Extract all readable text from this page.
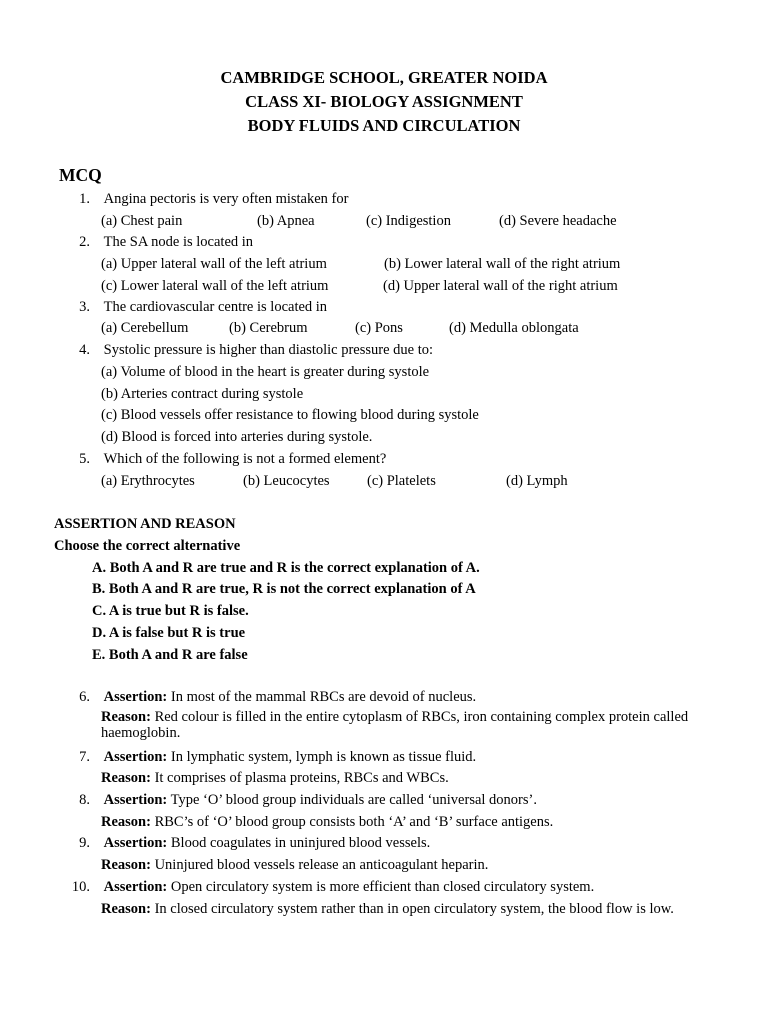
CAMBRIDGE SCHOOL, GREATER NOIDA
CLASS XI- BIOLOGY ASSIGNMENT
BODY FLUIDS AND CIRCULATION
MCQ
1. Angina pectoris is very often mistaken for
(a) Chest pain	(b) Apnea	(c) Indigestion	(d) Severe headache
2. The SA node is located in
(a) Upper lateral wall of the left atrium	(b) Lower lateral wall of the right atrium
(c) Lower lateral wall of the left atrium	(d) Upper lateral wall of the right atrium
3. The cardiovascular centre is located in
(a) Cerebellum	(b) Cerebrum	(c) Pons	(d) Medulla oblongata
4. Systolic pressure is higher than diastolic pressure due to:
(a) Volume of blood in the heart is greater during systole
(b) Arteries contract during systole
(c) Blood vessels offer resistance to flowing blood during systole
(d) Blood is forced into arteries during systole.
5. Which of the following is not a formed element?
(a) Erythrocytes	(b) Leucocytes	(c) Platelets	(d) Lymph
ASSERTION AND REASON
Choose the correct alternative
A. Both A and R are true and R is the correct explanation of A.
B. Both A and R are true, R is not the correct explanation of A
C. A is true but R is false.
D. A is false but R is true
E. Both A and R are false
6. Assertion: In most of the mammal RBCs are devoid of nucleus.
Reason: Red colour is filled in the entire cytoplasm of RBCs, iron containing complex protein called haemoglobin.
7. Assertion: In lymphatic system, lymph is known as tissue fluid.
Reason: It comprises of plasma proteins, RBCs and WBCs.
8. Assertion: Type ‘O’ blood group individuals are called ‘universal donors’.
Reason: RBC’s of ‘O’ blood group consists both ‘A’ and ‘B’ surface antigens.
9. Assertion: Blood coagulates in uninjured blood vessels.
Reason: Uninjured blood vessels release an anticoagulant heparin.
10. Assertion: Open circulatory system is more efficient than closed circulatory system.
Reason: In closed circulatory system rather than in open circulatory system, the blood flow is low.
